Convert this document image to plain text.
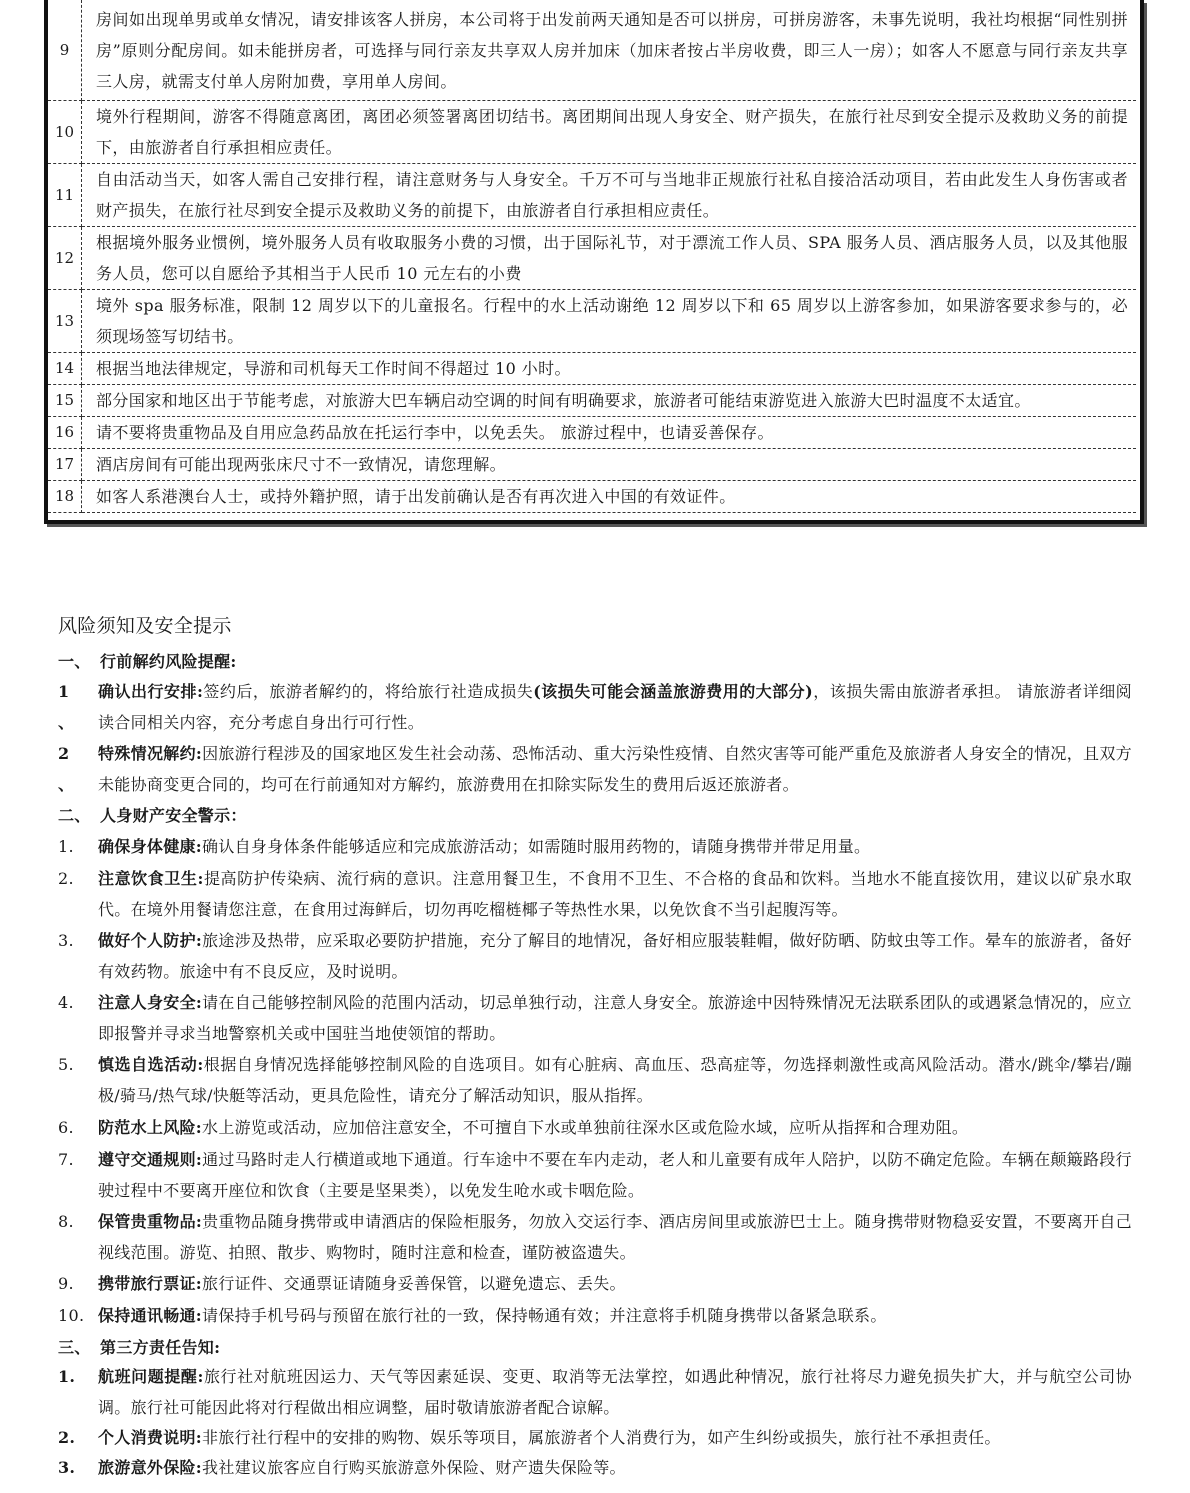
9	房间如出现单男或单女情况，请安排该客人拼房，本公司将于出发前两天通知是否可以拼房，可拼房游客，未事先说明，我社均根据“同性别拼房”原则分配房间。如未能拼房者，可选择与同行亲友共享双人房并加床（加床者按占半房收费，即三人一房）；如客人不愿意与同行亲友共享三人房，就需支付单人房附加费，享用单人房间。
10	境外行程期间，游客不得随意离团，离团必须签署离团切结书。离团期间出现人身安全、财产损失，在旅行社尽到安全提示及救助义务的前提下，由旅游者自行承担相应责任。
11	自由活动当天，如客人需自己安排行程，请注意财务与人身安全。千万不可与当地非正规旅行社私自接洽活动项目，若由此发生人身伤害或者财产损失，在旅行社尽到安全提示及救助义务的前提下，由旅游者自行承担相应责任。
12	根据境外服务业惯例，境外服务人员有收取服务小费的习惯，出于国际礼节，对于漂流工作人员、SPA 服务人员、酒店服务人员，以及其他服务人员，您可以自愿给予其相当于人民币 10 元左右的小费
13	境外 spa 服务标准，限制 12 周岁以下的儿童报名。行程中的水上活动谢绝 12 周岁以下和 65 周岁以上游客参加，如果游客要求参与的，必须现场签写切结书。
14	根据当地法律规定，导游和司机每天工作时间不得超过 10 小时。
15	部分国家和地区出于节能考虑，对旅游大巴车辆启动空调的时间有明确要求，旅游者可能结束游览进入旅游大巴时温度不太适宜。
16	请不要将贵重物品及自用应急药品放在托运行李中，以免丢失。 旅游过程中，也请妥善保存。
17	酒店房间有可能出现两张床尺寸不一致情况，请您理解。
18	如客人系港澳台人士，或持外籍护照，请于出发前确认是否有再次进入中国的有效证件。
风险须知及安全提示
一、 行前解约风险提醒:
1 、
确认出行安排:签约后，旅游者解约的，将给旅行社造成损失(该损失可能会涵盖旅游费用的大部分)，该损失需由旅游者承担。 请旅游者详细阅读合同相关内容，充分考虑自身出行可行性。
2 、
特殊情况解约:因旅游行程涉及的国家地区发生社会动荡、恐怖活动、重大污染性疫情、自然灾害等可能严重危及旅游者人身安全的情况，且双方未能协商变更合同的，均可在行前通知对方解约，旅游费用在扣除实际发生的费用后返还旅游者。
二、 人身财产安全警示：
1.	确保身体健康:确认自身身体条件能够适应和完成旅游活动；如需随时服用药物的，请随身携带并带足用量。
2.	注意饮食卫生:提高防护传染病、流行病的意识。注意用餐卫生，不食用不卫生、不合格的食品和饮料。当地水不能直接饮用，建议以矿泉水取代。在境外用餐请您注意，在食用过海鲜后，切勿再吃榴梿椰子等热性水果，以免饮食不当引起腹泻等。
3.	做好个人防护:旅途涉及热带，应采取必要防护措施，充分了解目的地情况，备好相应服装鞋帽，做好防晒、防蚊虫等工作。晕车的旅游者，备好有效药物。旅途中有不良反应，及时说明。
4.	注意人身安全:请在自己能够控制风险的范围内活动，切忌单独行动，注意人身安全。旅游途中因特殊情况无法联系团队的或遇紧急情况的，应立即报警并寻求当地警察机关或中国驻当地使领馆的帮助。
5.	慎选自选活动:根据自身情况选择能够控制风险的自选项目。如有心脏病、高血压、恐高症等，勿选择刺激性或高风险活动。潜水/跳伞/攀岩/蹦极/骑马/热气球/快艇等活动，更具危险性，请充分了解活动知识，服从指挥。
6.	防范水上风险:水上游览或活动，应加倍注意安全，不可擅自下水或单独前往深水区或危险水域，应听从指挥和合理劝阻。
7.	遵守交通规则:通过马路时走人行横道或地下通道。行车途中不要在车内走动，老人和儿童要有成年人陪护，以防不确定危险。车辆在颠簸路段行驶过程中不要离开座位和饮食（主要是坚果类），以免发生呛水或卡咽危险。
8.	保管贵重物品:贵重物品随身携带或申请酒店的保险柜服务，勿放入交运行李、酒店房间里或旅游巴士上。随身携带财物稳妥安置，不要离开自己视线范围。游览、拍照、散步、购物时，随时注意和检查，谨防被盗遗失。
9.	携带旅行票证:旅行证件、交通票证请随身妥善保管，以避免遗忘、丢失。
10. 保持通讯畅通:请保持手机号码与预留在旅行社的一致，保持畅通有效；并注意将手机随身携带以备紧急联系。
三、 第三方责任告知:
1.	航班问题提醒:旅行社对航班因运力、天气等因素延误、变更、取消等无法掌控，如遇此种情况，旅行社将尽力避免损失扩大，并与航空公司协调。旅行社可能因此将对行程做出相应调整，届时敬请旅游者配合谅解。
2.	个人消费说明:非旅行社行程中的安排的购物、娱乐等项目，属旅游者个人消费行为，如产生纠纷或损失，旅行社不承担责任。
3.	旅游意外保险:我社建议旅客应自行购买旅游意外保险、财产遗失保险等。
